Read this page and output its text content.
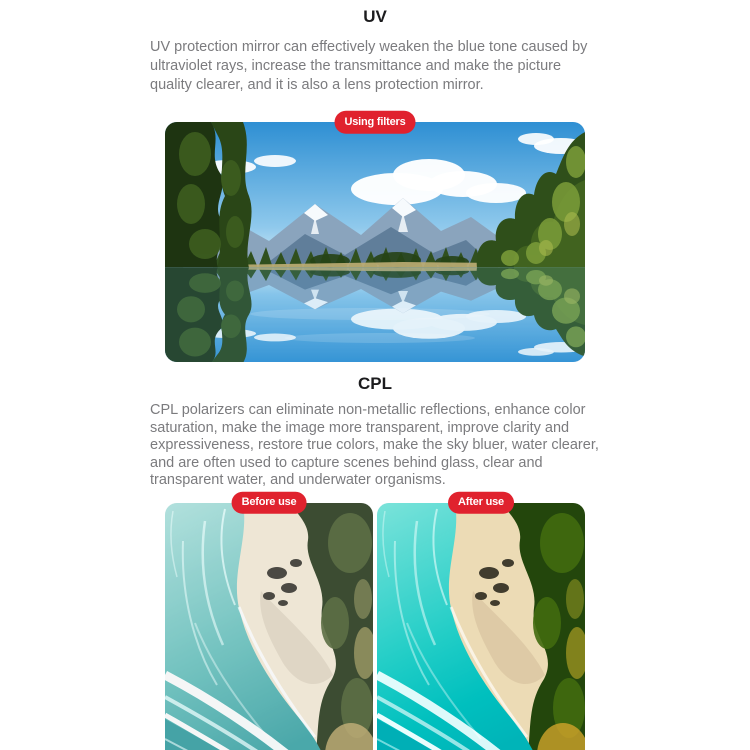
UV

UV protection mirror can effectively weaken the blue tone caused by ultraviolet rays, increase the transmittance and make the picture quality clearer, and it is also a lens protection mirror.

Using filters
CPL

CPL polarizers can eliminate non-metallic reflections, enhance color saturation, make the image more transparent, improve clarity and expressiveness, restore true colors, make the sky bluer, water clearer, and are often used to capture scenes behind glass, clear and transparent water, and underwater organisms.

Before use	After use
